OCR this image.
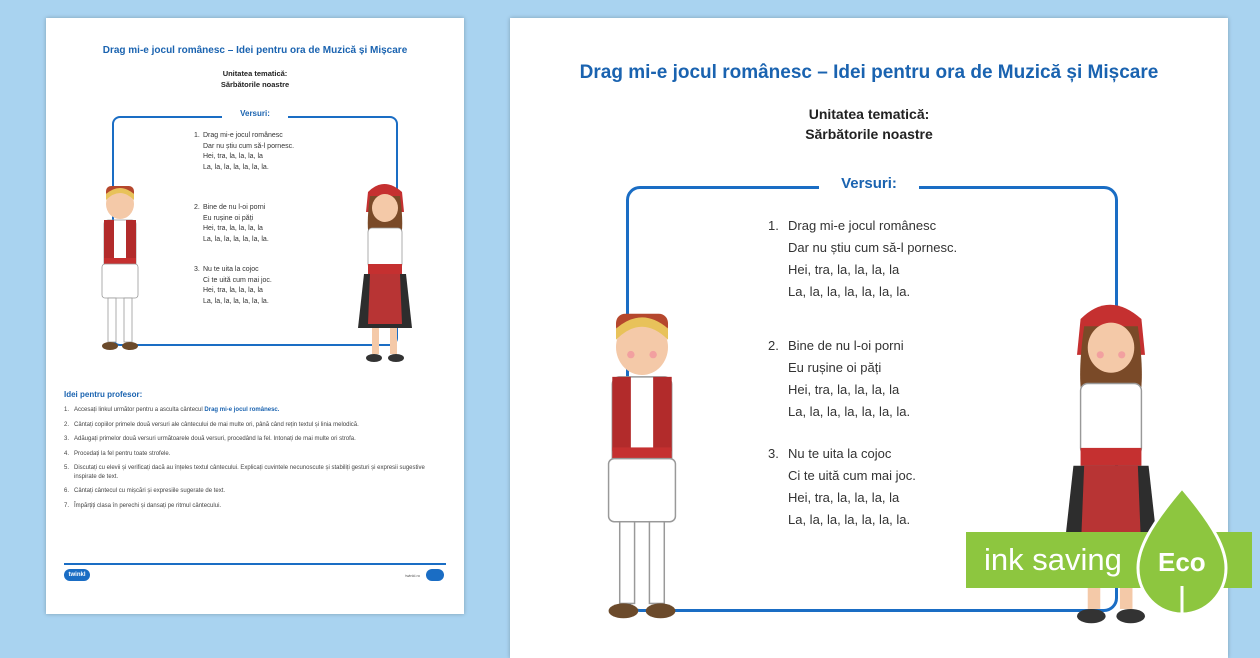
Drag mi-e jocul românesc – Idei pentru ora de Muzică și Mișcare
Unitatea tematică:
Sărbătorile noastre
Versuri:
1. Drag mi-e jocul românesc
Dar nu știu cum să-l pornesc.
Hei, tra, la, la, la, la
La, la, la, la, la, la, la.
2. Bine de nu l-oi porni
Eu rușine oi păți
Hei, tra, la, la, la, la
La, la, la, la, la, la, la.
3. Nu te uita la cojoc
Ci te uită cum mai joc.
Hei, tra, la, la, la, la
La, la, la, la, la, la, la.
Idei pentru profesor:
1. Accesați linkul următor pentru a asculta cântecul Drag mi-e jocul românesc.
2. Cântați copiilor primele două versuri ale cântecului de mai multe ori, până când rețin textul și linia melodică.
3. Adăugați primelor două versuri următoarele două versuri, procedând la fel. Intonați de mai multe ori strofa.
4. Procedați la fel pentru toate strofele.
5. Discutați cu elevii și verificați dacă au înțeles textul cântecului. Explicați cuvintele necunoscute și stabiliți gesturi și expresii sugestive inspirate de text.
6. Cântați cântecul cu mișcări și expresiile sugerate de text.
7. Împărțiți clasa în perechi și dansați pe ritmul cântecului.
twinkl	twinkl.ro
Drag mi-e jocul românesc – Idei pentru ora de Muzică și Mișcare
Unitatea tematică:
Sărbătorile noastre
Versuri:
1. Drag mi-e jocul românesc
Dar nu știu cum să-l pornesc.
Hei, tra, la, la, la, la
La, la, la, la, la, la, la.
2. Bine de nu l-oi porni
Eu rușine oi păți
Hei, tra, la, la, la, la
La, la, la, la, la, la, la.
3. Nu te uita la cojoc
Ci te uită cum mai joc.
Hei, tra, la, la, la, la
La, la, la, la, la, la, la.
ink saving Eco
